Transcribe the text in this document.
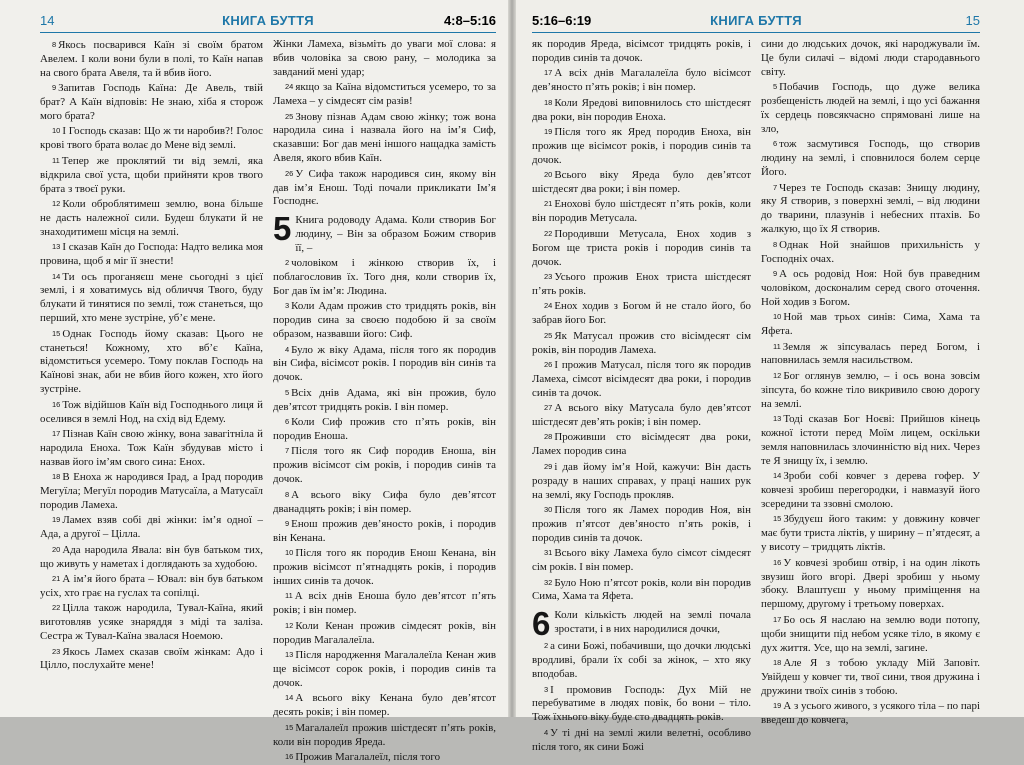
14	КНИГА БУТТЯ	4:8–5:16

8 Якось посварився Каїн зі своїм братом Авелем. І коли вони були в полі, то Каїн напав на свого брата Авеля, та й вбив його.

9 Запитав Господь Каїна: Де Авель, твій брат? А Каїн відповів: Не знаю, хіба я сторож мого брата?

10 І Господь сказав: Що ж ти наробив?! Голос крові твого брата волає до Мене від землі.

11 Тепер же проклятий ти від землі, яка відкрила свої уста, щоби прийняти кров твого брата з твоєї руки.

12 Коли оброблятимеш землю, вона більше не дасть належної сили. Будеш блукати й не знаходитимеш місця на землі.

13 І сказав Каїн до Господа: Надто велика моя провина, щоб я міг її знести!

14 Ти ось проганяєш мене сьогодні з цієї землі, і я ховатимусь від обличчя Твого, буду блукати й тинятися по землі, тож станеться, що перший, хто мене зустріне, уб’є мене.

15 Однак Господь йому сказав: Цього не станеться! Кожному, хто вб’є Каїна, відомститься усемеро. Тому поклав Господь на Каїнові знак, аби не вбив його кожен, хто його зустріне.

16 Тож відійшов Каїн від Господнього лиця й оселився в землі Нод, на схід від Едему.

17 Пізнав Каїн свою жінку, вона завагітніла й народила Еноха. Тож Каїн збудував місто і назвав його ім’ям свого сина: Енох.

18 В Еноха ж народився Ірад, а Ірад породив Мегуїла; Мегуїл породив Матусаїла, а Матусаїл породив Ламеха.

19 Ламех взяв собі дві жінки: ім’я одної – Ада, а другої – Цілла.

20 Ада народила Явала: він був батьком тих, що живуть у наметах і доглядають за худобою.

21 А ім’я його брата – Ювал: він був батьком усіх, хто грає на гуслах та сопілці.

22 Цілла також народила, Тувал-Каїна, який виготовляв усяке знаряддя з міді та заліза. Сестра ж Тувал-Каїна звалася Ноемою.

23 Якось Ламех сказав своїм жінкам: Адо і Цілло, послухайте мене!

Жінки Ламеха, візьміть до уваги мої слова: я вбив чоловіка за свою рану, – молодика за завданий мені удар;

24 якщо за Каїна відомститься усемеро, то за Ламеха – у сімдесят сім разів!

25 Знову пізнав Адам свою жінку; тож вона народила сина і назвала його на ім’я Сиф, сказавши: Бог дав мені іншого нащадка замість Авеля, якого вбив Каїн.

26 У Сифа також народився син, якому він дав ім’я Енош. Тоді почали прикликати Ім’я Господнє.

5 Книга родоводу Адама. Коли створив Бог людину, – Він за образом Божим створив її, –

2 чоловіком і жінкою створив їх, і поблагословив їх. Того дня, коли створив їх, Бог дав їм ім’я: Людина.

3 Коли Адам прожив сто тридцять років, він породив сина за своєю подобою й за своїм образом, назвавши його: Сиф.

4 Було ж віку Адама, після того як породив він Сифа, вісімсот років. І породив він синів та дочок.

5 Всіх днів Адама, які він прожив, було дев’ятсот тридцять років. І він помер.

6 Коли Сиф прожив сто п’ять років, він породив Еноша.

7 Після того як Сиф породив Еноша, він прожив вісімсот сім років, і породив синів та дочок.

8 А всього віку Сифа було дев’ятсот дванадцять років; і він помер.

9 Енош прожив дев’яносто років, і породив він Кенана.

10 Після того як породив Енош Кенана, він прожив вісімсот п’ятнадцять років, і породив інших синів та дочок.

11 А всіх днів Еноша було дев’ятсот п’ять років; і він помер.

12 Коли Кенан прожив сімдесят років, він породив Магалалеїла.

13 Після народження Магалалеїла Кенан жив ще вісімсот сорок років, і породив синів та дочок.

14 А всього віку Кенана було дев’ятсот десять років; і він помер.

15 Магалалеїл прожив шістдесят п’ять років, коли він породив Яреда.

16 Прожив Магалалеїл, після того

5:16–6:19	КНИГА БУТТЯ	15

як породив Яреда, вісімсот тридцять років, і породив синів та дочок.

17 А всіх днів Магалалеїла було вісімсот дев’яносто п’ять років; і він помер.

18 Коли Яредові виповнилось сто шістдесят два роки, він породив Еноха.

19 Після того як Яред породив Еноха, він прожив ще вісімсот років, і породив синів та дочок.

20 Всього віку Яреда було дев’ятсот шістдесят два роки; і він помер.

21 Енохові було шістдесят п’ять років, коли він породив Метусала.

22 Породивши Метусала, Енох ходив з Богом ще триста років і породив синів та дочок.

23 Усього прожив Енох триста шістдесят п’ять років.

24 Енох ходив з Богом й не стало його, бо забрав його Бог.

25 Як Матусал прожив сто вісімдесят сім років, він породив Ламеха.

26 І прожив Матусал, після того як породив Ламеха, сімсот вісімдесят два роки, і породив синів та дочок.

27 А всього віку Матусала було дев’ятсот шістдесят дев’ять років; і він помер.

28 Проживши сто вісімдесят два роки, Ламех породив сина

29 і дав йому ім’я Ной, кажучи: Він дасть розраду в наших справах, у праці наших рук на землі, яку Господь прокляв.

30 Після того як Ламех породив Ноя, він прожив п’ятсот дев’яносто п’ять років, і породив синів та дочок.

31 Всього віку Ламеха було сімсот сімдесят сім років. І він помер.

32 Було Ною п’ятсот років, коли він породив Сима, Хама та Яфета.

6 Коли кількість людей на землі почала зростати, і в них народилися дочки,

2 а сини Божі, побачивши, що дочки людські вродливі, брали їх собі за жінок, – хто яку вподобав.

3 І промовив Господь: Дух Мій не перебуватиме в людях повік, бо вони – тіло. Тож їхнього віку буде сто двадцять років.

4 У ті дні на землі жили велетні, особливо після того, як сини Божі

сини до людських дочок, які народжували їм. Це були силачі – відомі люди стародавнього світу.

5 Побачив Господь, що дуже велика розбещеність людей на землі, і що усі бажання їх сердець повсякчасно спрямовані лише на зло,

6 тож засмутився Господь, що створив людину на землі, і сповнилося болем серце Його.

7 Через те Господь сказав: Знищу людину, яку Я створив, з поверхні землі, – від людини до тварини, плазунів і небесних птахів. Бо жалкую, що їх Я створив.

8 Однак Ной знайшов прихильність у Господніх очах.

9 А ось родовід Ноя: Ной був праведним чоловіком, досконалим серед свого оточення. Ной ходив з Богом.

10 Ной мав трьох синів: Сима, Хама та Яфета.

11 Земля ж зіпсувалась перед Богом, і наповнилась земля насильством.

12 Бог оглянув землю, – і ось вона зовсім зіпсута, бо кожне тіло викривило свою дорогу на землі.

13 Тоді сказав Бог Ноєві: Прийшов кінець кожної істоти перед Моїм лицем, оскільки земля наповнилась злочинністю від них. Через те Я знищу їх, і землю.

14 Зроби собі ковчег з дерева гофер. У ковчезі зробиш перегородки, і навмазуй його зсередини та ззовні смолою.

15 Збудуєш його таким: у довжину ковчег має бути триста ліктів, у ширину – п’ятдесят, а у висоту – тридцять ліктів.

16 У ковчезі зробиш отвір, і на один лікоть звузиш його вгорі. Двері зробиш у ньому збоку. Влаштуєш у ньому приміщення на першому, другому і третьому поверхах.

17 Бо ось Я наслаю на землю води потопу, щоби знищити під небом усяке тіло, в якому є дух життя. Усе, що на землі, загине.

18 Але Я з тобою укладу Мій Заповіт. Увійдеш у ковчег ти, твої сини, твоя дружина і дружини твоїх синів з тобою.

19 А з усього живого, з усякого тіла – по парі введеш до ковчега,
